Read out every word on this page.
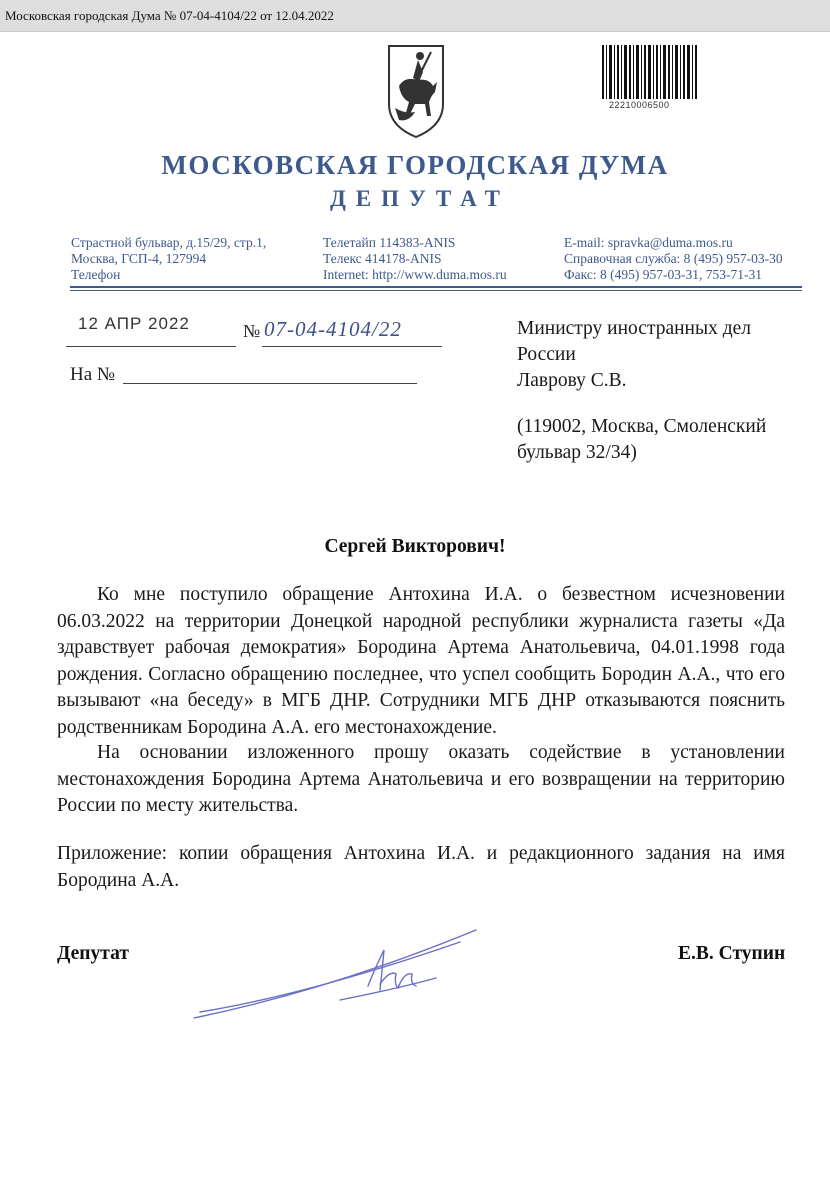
Московская городская Дума № 07-04-4104/22 от 12.04.2022
22210006500
МОСКОВСКАЯ ГОРОДСКАЯ ДУМА
ДЕПУТАТ
Страстной бульвар, д.15/29, стр.1,
Москва, ГСП-4, 127994
Телефон
Телетайп 114383-ANIS
Телекс 414178-ANIS
Internet: http://www.duma.mos.ru
E-mail: spravka@duma.mos.ru
Справочная служба: 8 (495) 957-03-30
Факс: 8 (495) 957-03-31, 753-71-31
12 АПР 2022	№ 07-04-4104/22
На №
Министру иностранных дел
России
Лаврову С.В.
(119002, Москва, Смоленский
бульвар 32/34)
Сергей Викторович!
Ко мне поступило обращение Антохина И.А. о безвестном исчезновении 06.03.2022 на территории Донецкой народной республики журналиста газеты «Да здравствует рабочая демократия» Бородина Артема Анатольевича, 04.01.1998 года рождения. Согласно обращению последнее, что успел сообщить Бородин А.А., что его вызывают «на беседу» в МГБ ДНР. Сотрудники МГБ ДНР отказываются пояснить родственникам Бородина А.А. его местонахождение.
На основании изложенного прошу оказать содействие в установлении местонахождения Бородина Артема Анатольевича и его возвращении на территорию России по месту жительства.
Приложение: копии обращения Антохина И.А. и редакционного задания на имя Бородина А.А.
Депутат	Е.В. Ступин
